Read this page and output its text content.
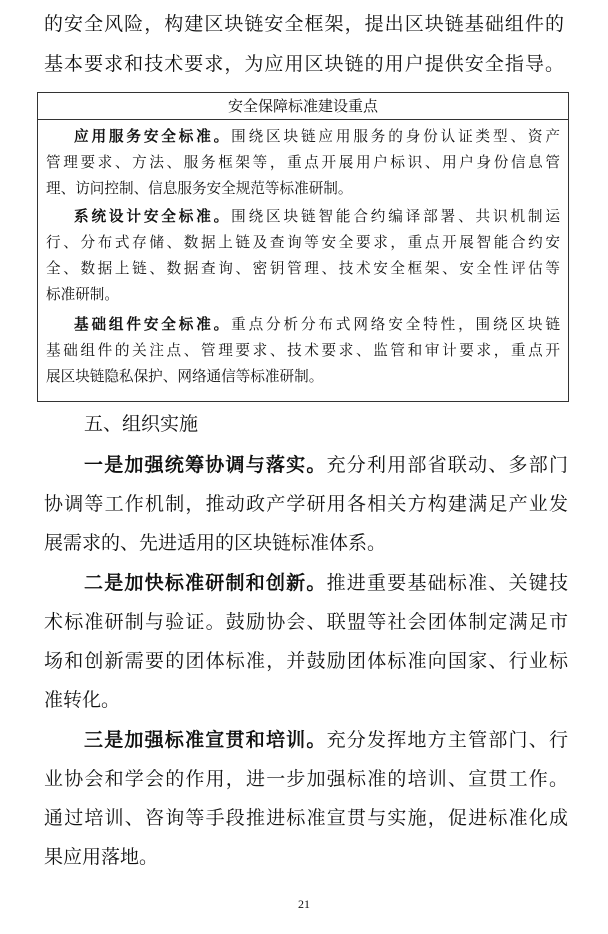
的安全风险，构建区块链安全框架，提出区块链基础组件的
基本要求和技术要求，为应用区块链的用户提供安全指导。
安全保障标准建设重点
应用服务安全标准。围绕区块链应用服务的身份认证类型、资产
管理要求、方法、服务框架等，重点开展用户标识、用户身份信息管
理、访问控制、信息服务安全规范等标准研制。
系统设计安全标准。围绕区块链智能合约编译部署、共识机制运
行、分布式存储、数据上链及查询等安全要求，重点开展智能合约安
全、数据上链、数据查询、密钥管理、技术安全框架、安全性评估等
标准研制。
基础组件安全标准。重点分析分布式网络安全特性，围绕区块链
基础组件的关注点、管理要求、技术要求、监管和审计要求，重点开
展区块链隐私保护、网络通信等标准研制。
五、组织实施
一是加强统筹协调与落实。充分利用部省联动、多部门
协调等工作机制，推动政产学研用各相关方构建满足产业发
展需求的、先进适用的区块链标准体系。
二是加快标准研制和创新。推进重要基础标准、关键技
术标准研制与验证。鼓励协会、联盟等社会团体制定满足市
场和创新需要的团体标准，并鼓励团体标准向国家、行业标
准转化。
三是加强标准宣贯和培训。充分发挥地方主管部门、行
业协会和学会的作用，进一步加强标准的培训、宣贯工作。
通过培训、咨询等手段推进标准宣贯与实施，促进标准化成
果应用落地。
21
